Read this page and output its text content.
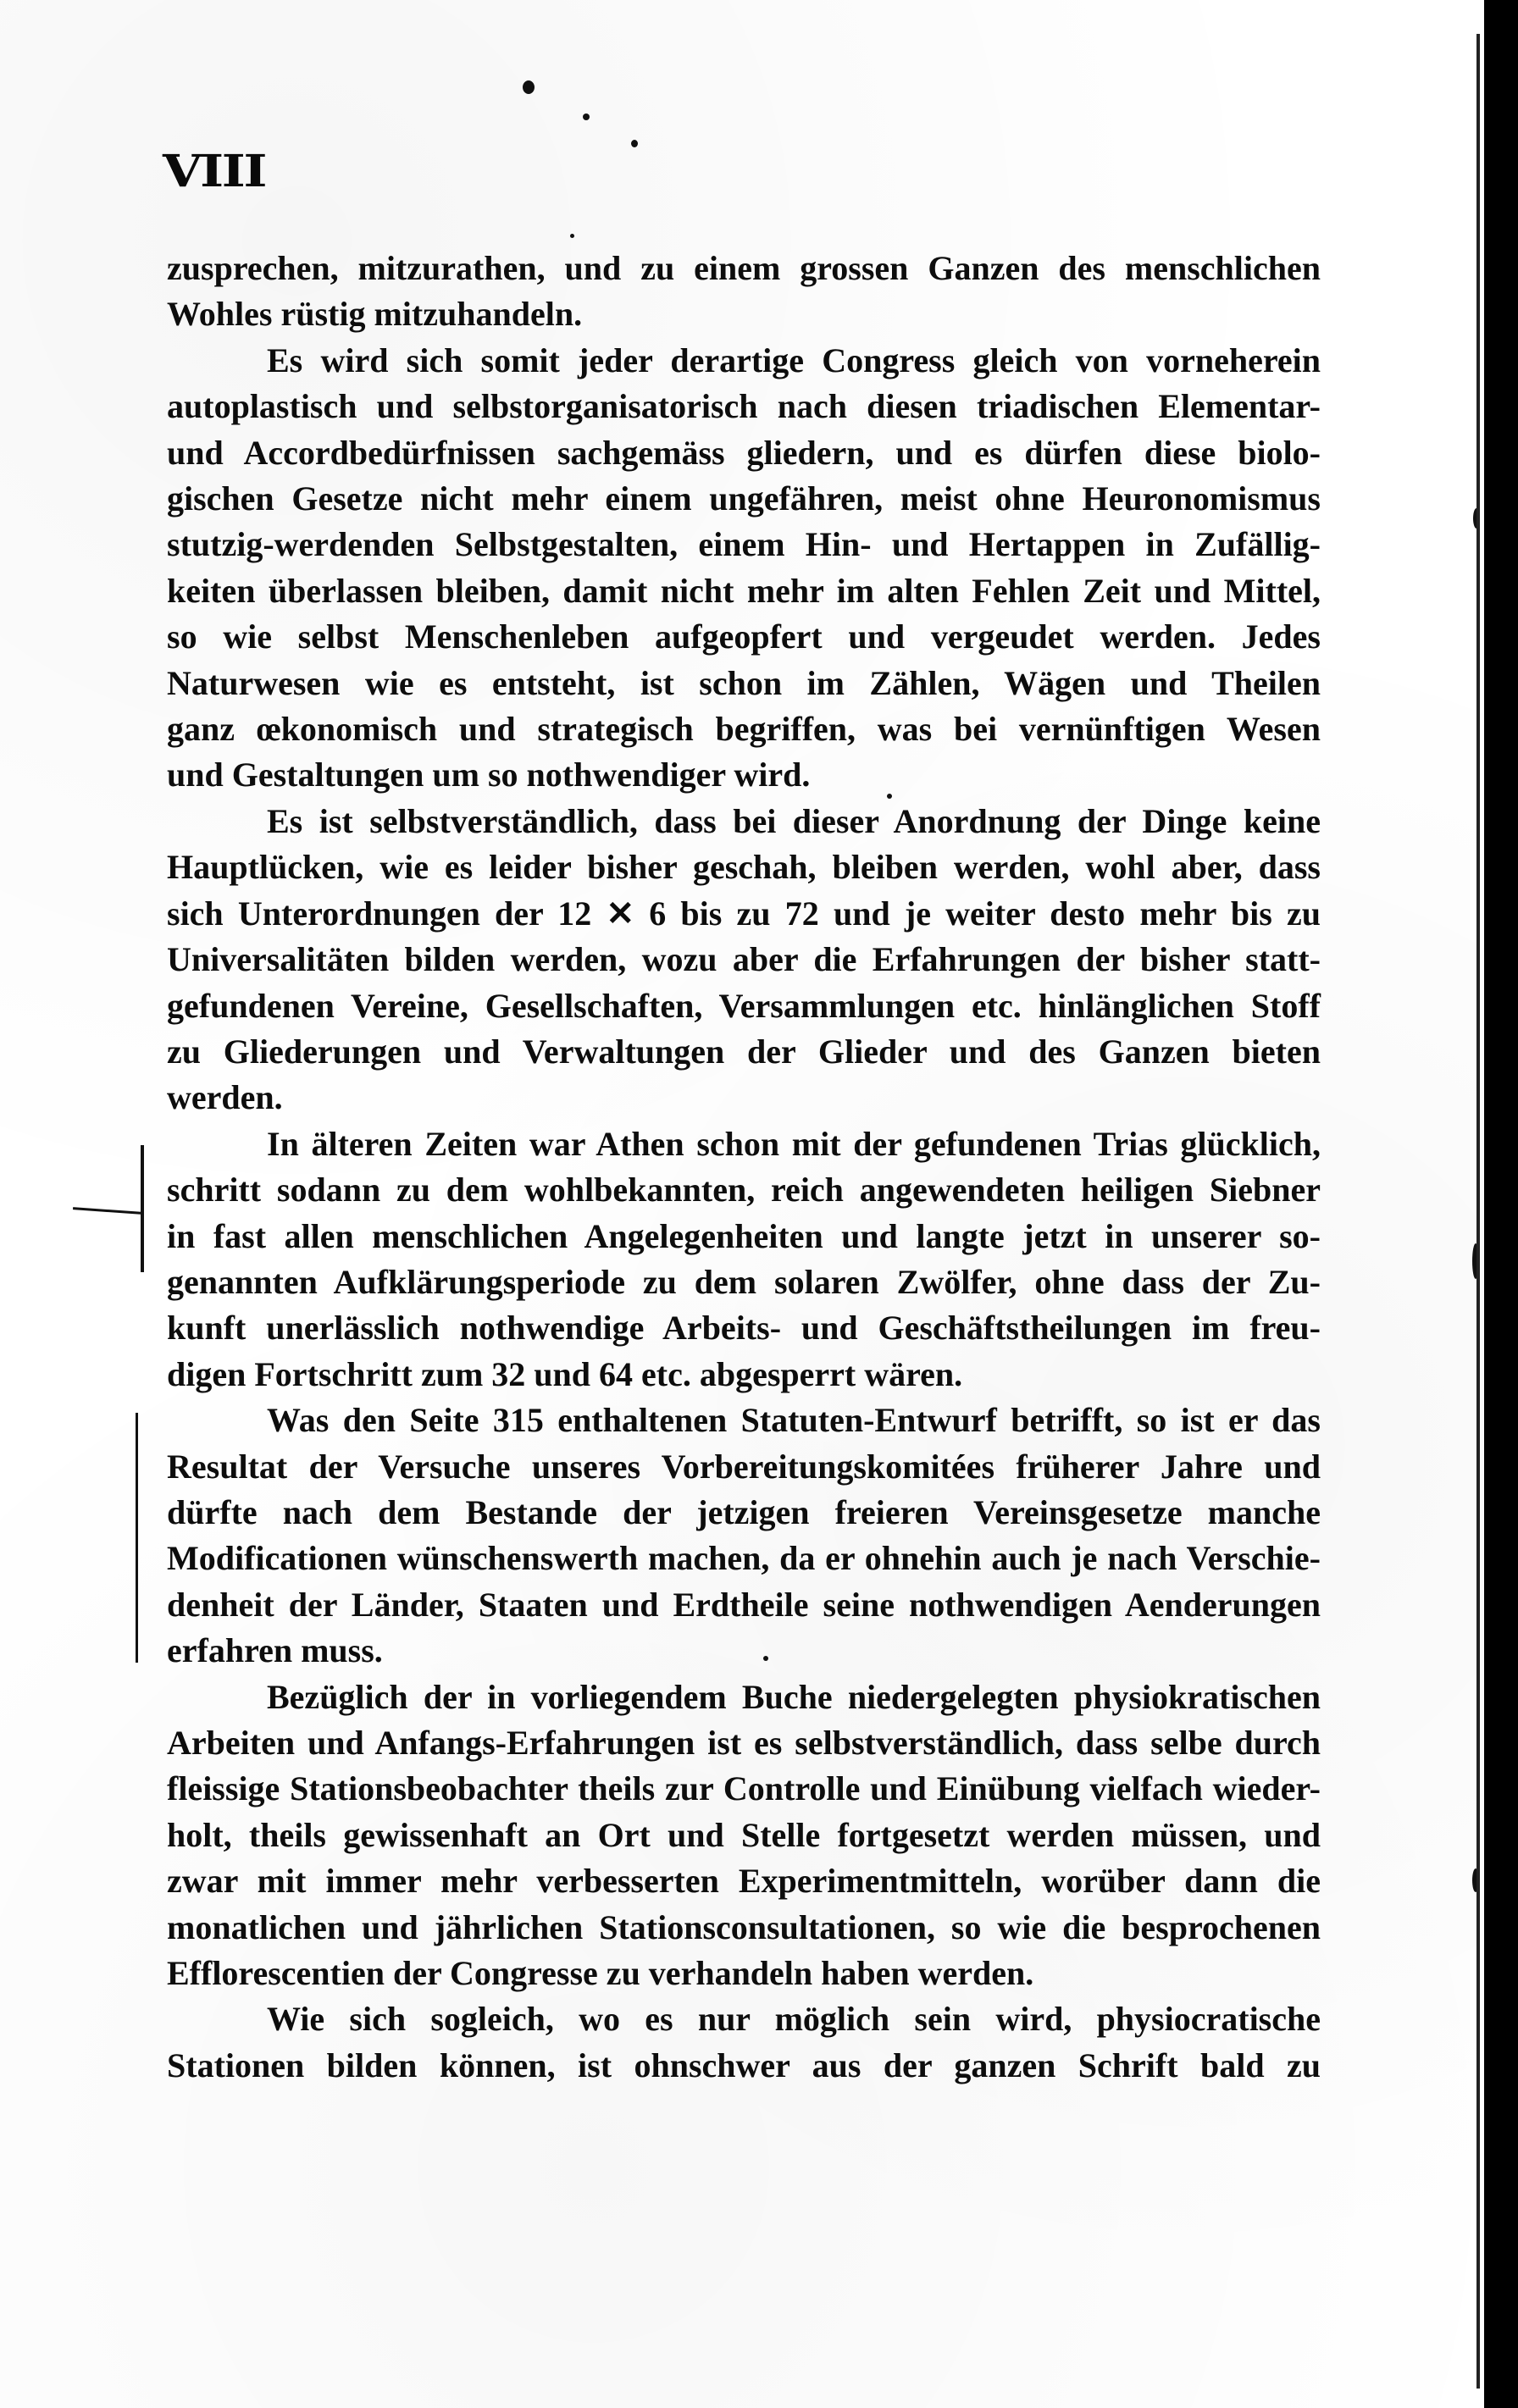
VIII
zusprechen, mitzurathen, und zu einem grossen Ganzen des menschlichen
Wohles rüstig mitzuhandeln.
Es wird sich somit jeder derartige Congress gleich von vorneherein
autoplastisch und selbstorganisatorisch nach diesen triadischen Elementar-
und Accordbedürfnissen sachgemäss gliedern, und es dürfen diese biolo-
gischen Gesetze nicht mehr einem ungefähren, meist ohne Heuronomismus
stutzig-werdenden Selbstgestalten, einem Hin- und Hertappen in Zufällig-
keiten überlassen bleiben, damit nicht mehr im alten Fehlen Zeit und Mittel,
so wie selbst Menschenleben aufgeopfert und vergeudet werden. Jedes
Naturwesen wie es entsteht, ist schon im Zählen, Wägen und Theilen
ganz œkonomisch und strategisch begriffen, was bei vernünftigen Wesen
und Gestaltungen um so nothwendiger wird.
Es ist selbstverständlich, dass bei dieser Anordnung der Dinge keine
Hauptlücken, wie es leider bisher geschah, bleiben werden, wohl aber, dass
sich Unterordnungen der 12 ✕ 6 bis zu 72 und je weiter desto mehr bis zu
Universalitäten bilden werden, wozu aber die Erfahrungen der bisher statt-
gefundenen Vereine, Gesellschaften, Versammlungen etc. hinlänglichen Stoff
zu Gliederungen und Verwaltungen der Glieder und des Ganzen bieten
werden.
In älteren Zeiten war Athen schon mit der gefundenen Trias glücklich,
schritt sodann zu dem wohlbekannten, reich angewendeten heiligen Siebner
in fast allen menschlichen Angelegenheiten und langte jetzt in unserer so-
genannten Aufklärungsperiode zu dem solaren Zwölfer, ohne dass der Zu-
kunft unerlässlich nothwendige Arbeits- und Geschäftstheilungen im freu-
digen Fortschritt zum 32 und 64 etc. abgesperrt wären.
Was den Seite 315 enthaltenen Statuten-Entwurf betrifft, so ist er das
Resultat der Versuche unseres Vorbereitungskomitées früherer Jahre und
dürfte nach dem Bestande der jetzigen freieren Vereinsgesetze manche
Modificationen wünschenswerth machen, da er ohnehin auch je nach Verschie-
denheit der Länder, Staaten und Erdtheile seine nothwendigen Aenderungen
erfahren muss.
Bezüglich der in vorliegendem Buche niedergelegten physiokratischen
Arbeiten und Anfangs-Erfahrungen ist es selbstverständlich, dass selbe durch
fleissige Stationsbeobachter theils zur Controlle und Einübung vielfach wieder-
holt, theils gewissenhaft an Ort und Stelle fortgesetzt werden müssen, und
zwar mit immer mehr verbesserten Experimentmitteln, worüber dann die
monatlichen und jährlichen Stationsconsultationen, so wie die besprochenen
Efflorescentien der Congresse zu verhandeln haben werden.
Wie sich sogleich, wo es nur möglich sein wird, physiocratische
Stationen bilden können, ist ohnschwer aus der ganzen Schrift bald zu
